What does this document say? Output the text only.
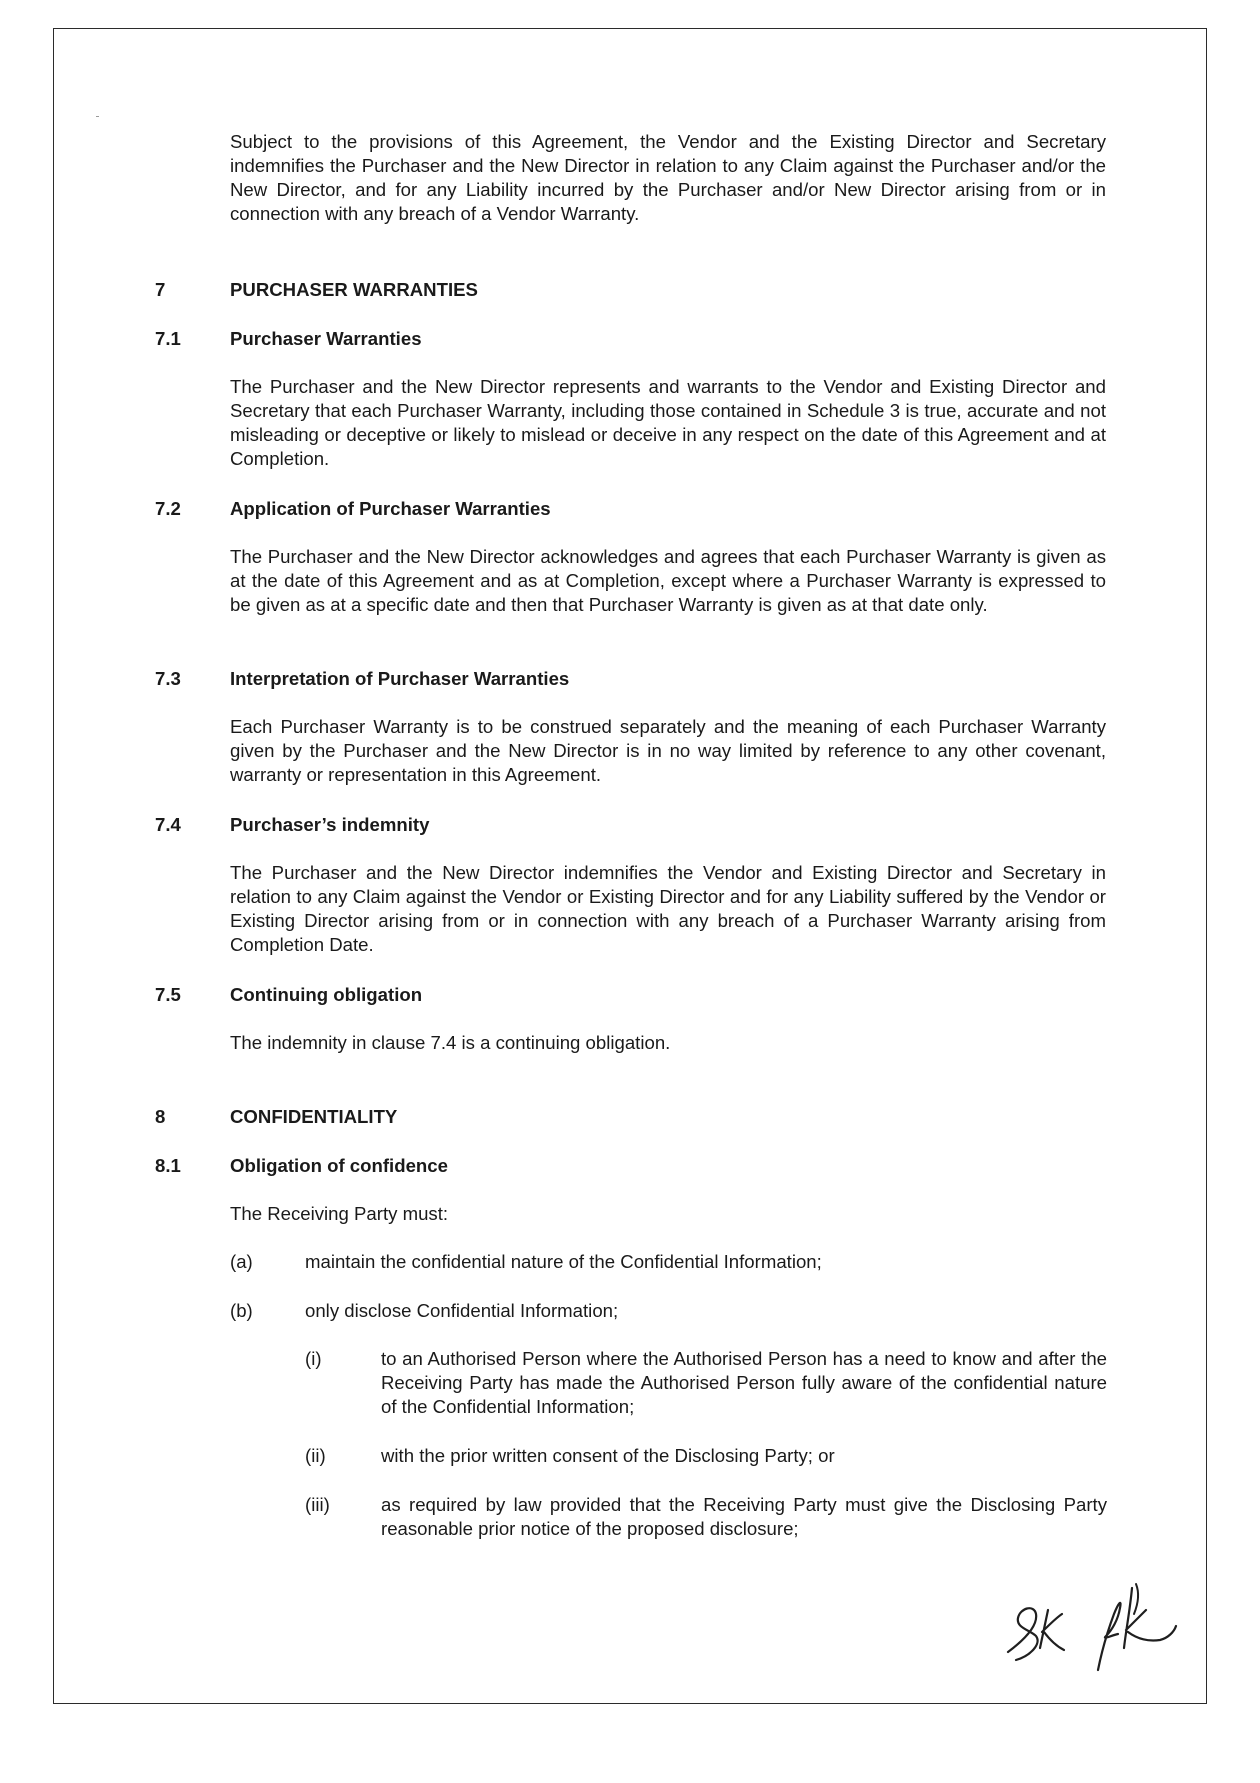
Subject to the provisions of this Agreement, the Vendor and the Existing Director and Secretary indemnifies the Purchaser and the New Director in relation to any Claim against the Purchaser and/or the New Director, and for any Liability incurred by the Purchaser and/or New Director arising from or in connection with any breach of a Vendor Warranty.

7	PURCHASER WARRANTIES
7.1	Purchaser Warranties

The Purchaser and the New Director represents and warrants to the Vendor and Existing Director and Secretary that each Purchaser Warranty, including those contained in Schedule 3 is true, accurate and not misleading or deceptive or likely to mislead or deceive in any respect on the date of this Agreement and at Completion.

7.2	Application of Purchaser Warranties

The Purchaser and the New Director acknowledges and agrees that each Purchaser Warranty is given as at the date of this Agreement and as at Completion, except where a Purchaser Warranty is expressed to be given as at a specific date and then that Purchaser Warranty is given as at that date only.

7.3	Interpretation of Purchaser Warranties

Each Purchaser Warranty is to be construed separately and the meaning of each Purchaser Warranty given by the Purchaser and the New Director is in no way limited by reference to any other covenant, warranty or representation in this Agreement.

7.4	Purchaser’s indemnity

The Purchaser and the New Director indemnifies the Vendor and Existing Director and Secretary in relation to any Claim against the Vendor or Existing Director and for any Liability suffered by the Vendor or Existing Director arising from or in connection with any breach of a Purchaser Warranty arising from Completion Date.

7.5	Continuing obligation

The indemnity in clause 7.4 is a continuing obligation.

8	CONFIDENTIALITY
8.1	Obligation of confidence

The Receiving Party must:

(a)	maintain the confidential nature of the Confidential Information;

(b)	only disclose Confidential Information;

(i)	to an Authorised Person where the Authorised Person has a need to know and after the Receiving Party has made the Authorised Person fully aware of the confidential nature of the Confidential Information;

(ii)	with the prior written consent of the Disclosing Party; or

(iii)	as required by law provided that the Receiving Party must give the Disclosing Party reasonable prior notice of the proposed disclosure;
